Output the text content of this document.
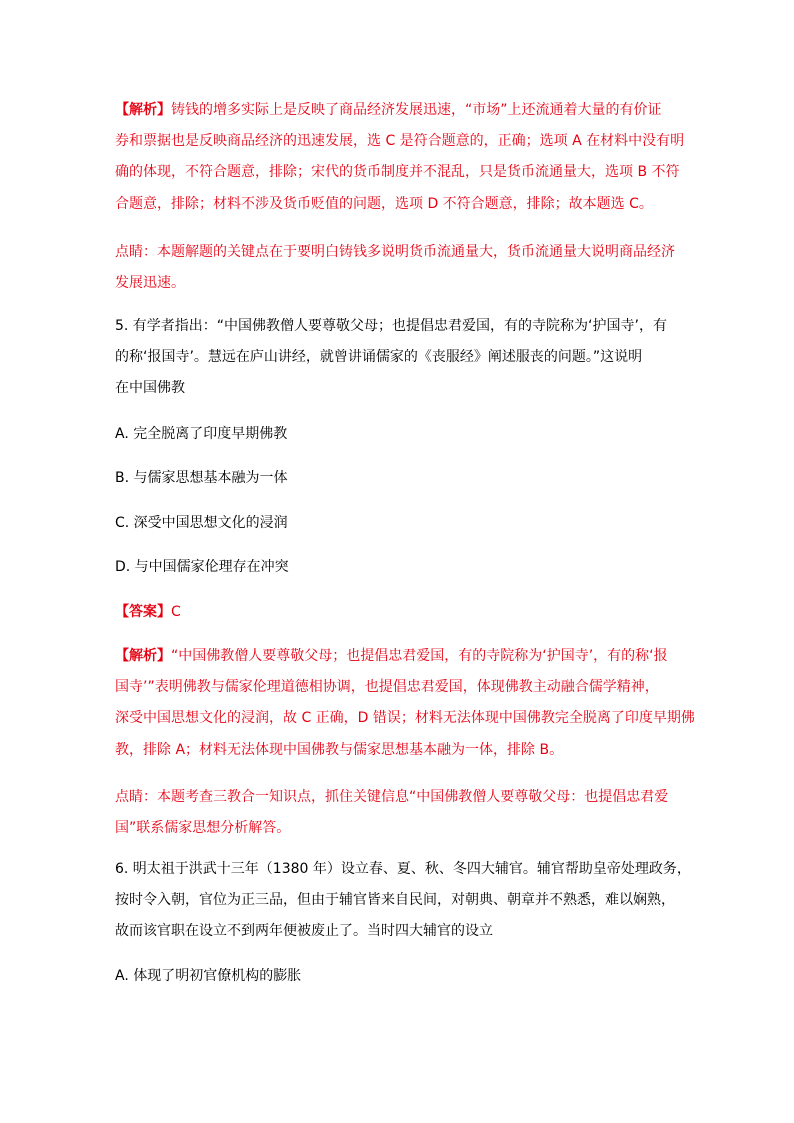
【解析】铸钱的增多实际上是反映了商品经济发展迅速，“市场”上还流通着大量的有价证
券和票据也是反映商品经济的迅速发展，选 C 是符合题意的，正确；选项 A 在材料中没有明
确的体现，不符合题意，排除；宋代的货币制度并不混乱，只是货币流通量大，选项 B 不符
合题意，排除；材料不涉及货币贬值的问题，选项 D 不符合题意，排除；故本题选 C。
点睛：本题解题的关键点在于要明白铸钱多说明货币流通量大，货币流通量大说明商品经济
发展迅速。
5. 有学者指出：“中国佛教僧人要尊敬父母；也提倡忠君爱国，有的寺院称为‘护国寺’，有
的称‘报国寺’。慧远在庐山讲经，就曾讲诵儒家的《丧服经》阐述服丧的问题。”这说明
在中国佛教
A. 完全脱离了印度早期佛教
B. 与儒家思想基本融为一体
C. 深受中国思想文化的浸润
D. 与中国儒家伦理存在冲突
【答案】C
【解析】“中国佛教僧人要尊敬父母；也提倡忠君爱国，有的寺院称为‘护国寺’，有的称‘报
国寺’”表明佛教与儒家伦理道德相协调，也提倡忠君爱国，体现佛教主动融合儒学精神，
深受中国思想文化的浸润，故 C 正确，D 错误；材料无法体现中国佛教完全脱离了印度早期佛
教，排除 A；材料无法体现中国佛教与儒家思想基本融为一体，排除 B。
点睛：本题考查三教合一知识点，抓住关键信息“中国佛教僧人要尊敬父母：也提倡忠君爱
国”联系儒家思想分析解答。
6. 明太祖于洪武十三年（1380 年）设立春、夏、秋、冬四大辅官。辅官帮助皇帝处理政务，
按时令入朝，官位为正三品，但由于辅官皆来自民间，对朝典、朝章并不熟悉，难以娴熟，
故而该官职在设立不到两年便被废止了。当时四大辅官的设立
A. 体现了明初官僚机构的膨胀
